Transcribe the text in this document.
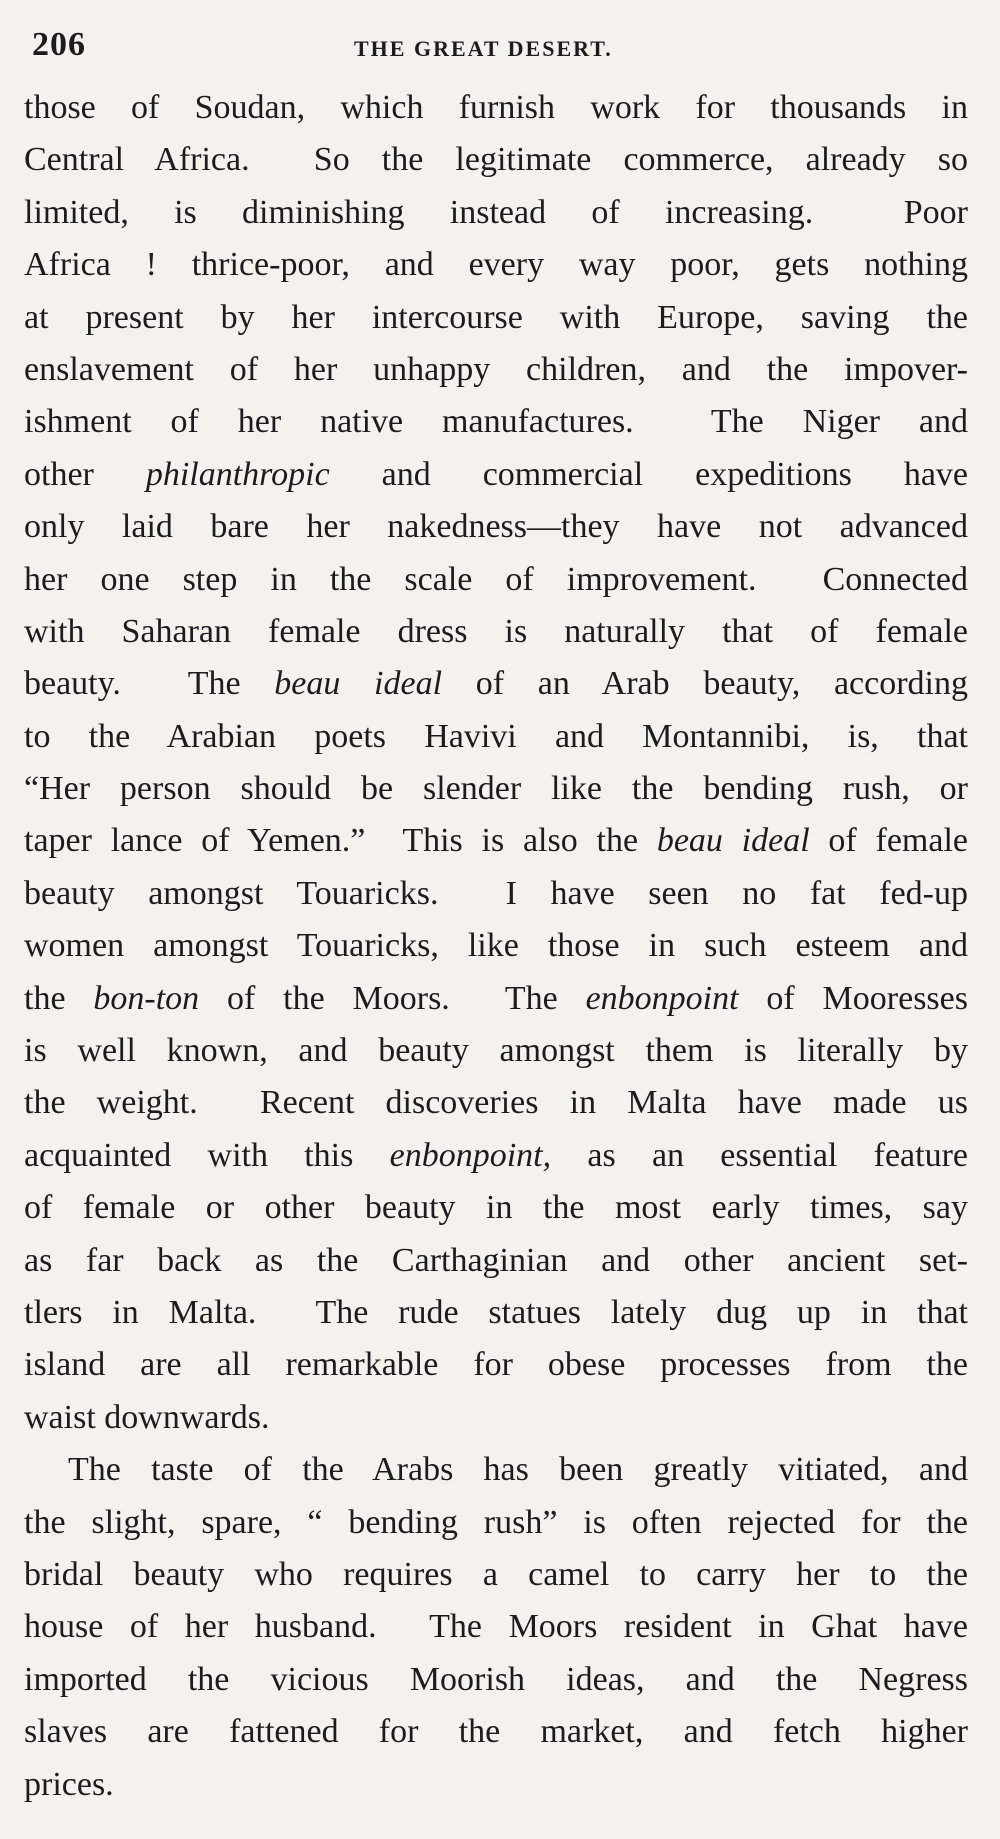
206	THE GREAT DESERT.
those of Soudan, which furnish work for thousands in
Central Africa.  So the legitimate commerce, already so
limited, is diminishing instead of increasing.  Poor
Africa ! thrice-poor, and every way poor, gets nothing
at present by her intercourse with Europe, saving the
enslavement of her unhappy children, and the impover-
ishment of her native manufactures.  The Niger and
other philanthropic and commercial expeditions have
only laid bare her nakedness—they have not advanced
her one step in the scale of improvement.  Connected
with Saharan female dress is naturally that of female
beauty.  The beau ideal of an Arab beauty, according
to the Arabian poets Havivi and Montannibi, is, that
“Her person should be slender like the bending rush, or
taper lance of Yemen.”  This is also the beau ideal of female
beauty amongst Touaricks.  I have seen no fat fed-up
women amongst Touaricks, like those in such esteem and
the bon-ton of the Moors.  The enbonpoint of Mooresses
is well known, and beauty amongst them is literally by
the weight.  Recent discoveries in Malta have made us
acquainted with this enbonpoint, as an essential feature
of female or other beauty in the most early times, say
as far back as the Carthaginian and other ancient set-
tlers in Malta.  The rude statues lately dug up in that
island are all remarkable for obese processes from the
waist downwards.
The taste of the Arabs has been greatly vitiated, and
the slight, spare, “ bending rush” is often rejected for the
bridal beauty who requires a camel to carry her to the
house of her husband.  The Moors resident in Ghat have
imported the vicious Moorish ideas, and the Negress
slaves are fattened for the market, and fetch higher
prices.
